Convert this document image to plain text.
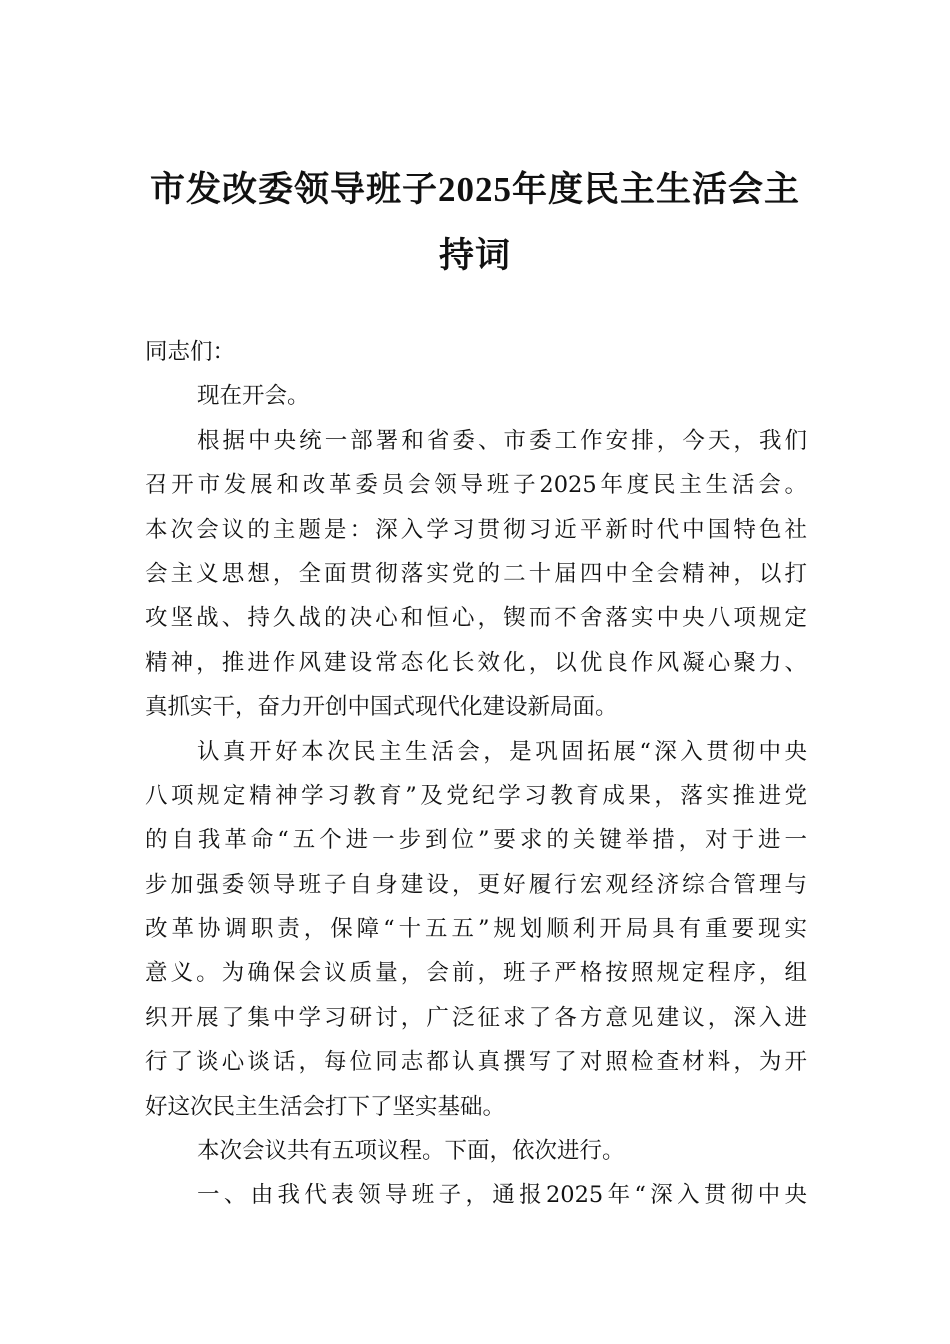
市发改委领导班子2025年度民主生活会主
持词
同志们：
现在开会。
根据中央统一部署和省委、市委工作安排，今天，我们
召开市发展和改革委员会领导班子2025年度民主生活会。
本次会议的主题是：深入学习贯彻习近平新时代中国特色社
会主义思想，全面贯彻落实党的二十届四中全会精神，以打
攻坚战、持久战的决心和恒心，锲而不舍落实中央八项规定
精神，推进作风建设常态化长效化，以优良作风凝心聚力、
真抓实干，奋力开创中国式现代化建设新局面。
认真开好本次民主生活会，是巩固拓展“深入贯彻中央
八项规定精神学习教育”及党纪学习教育成果，落实推进党
的自我革命“五个进一步到位”要求的关键举措，对于进一
步加强委领导班子自身建设，更好履行宏观经济综合管理与
改革协调职责，保障“十五五”规划顺利开局具有重要现实
意义。为确保会议质量，会前，班子严格按照规定程序，组
织开展了集中学习研讨，广泛征求了各方意见建议，深入进
行了谈心谈话，每位同志都认真撰写了对照检查材料，为开
好这次民主生活会打下了坚实基础。
本次会议共有五项议程。下面，依次进行。
一、由我代表领导班子，通报2025年“深入贯彻中央
